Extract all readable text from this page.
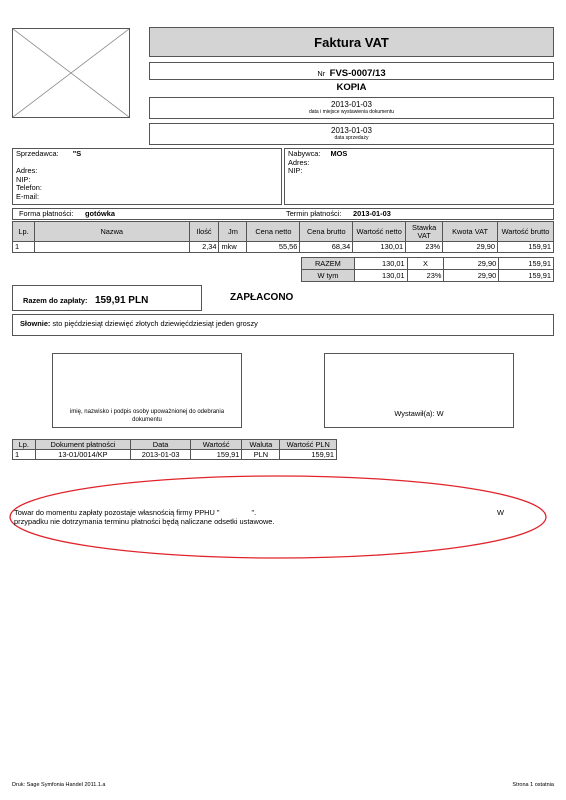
Faktura VAT
Nr FVS-0007/13
KOPIA
2013-01-03
data i miejsce wystawienia dokumentu
2013-01-03
data sprzedaży
Sprzedawca: "S

Adres:
NIP:
Telefon:
E-mail:
Nabywca: MOS
Adres:
NIP:
Forma płatności: gotówka	Termin płatności: 2013-01-03
Lp.	Nazwa	Ilość	Jm	Cena netto	Cena brutto	Wartość netto	Stawka VAT	Kwota VAT	Wartość brutto
1		2,34	mkw	55,56	68,34	130,01	23%	29,90	159,91
RAZEM	130,01	X	29,90	159,91
W tym	130,01	23%	29,90	159,91
Razem do zapłaty: 159,91 PLN	ZAPŁACONO
Słownie: sto pięćdziesiąt dziewięć złotych dziewięćdziesiąt jeden groszy
imię, nazwisko i podpis osoby upoważnionej do odebrania dokumentu
Wystawił(a): W
Lp.	Dokument płatności	Data	Wartość	Waluta	Wartość PLN
1	13-01/0014/KP	2013-01-03	159,91	PLN	159,91
Towar do momentu zapłaty pozostaje własnością firmy PPHU "	".	W
przypadku nie dotrzymania terminu płatności będą naliczane odsetki ustawowe.
Druk: Sage Symfonia Handel 2011.1.a	Strona 1 ostatnia
